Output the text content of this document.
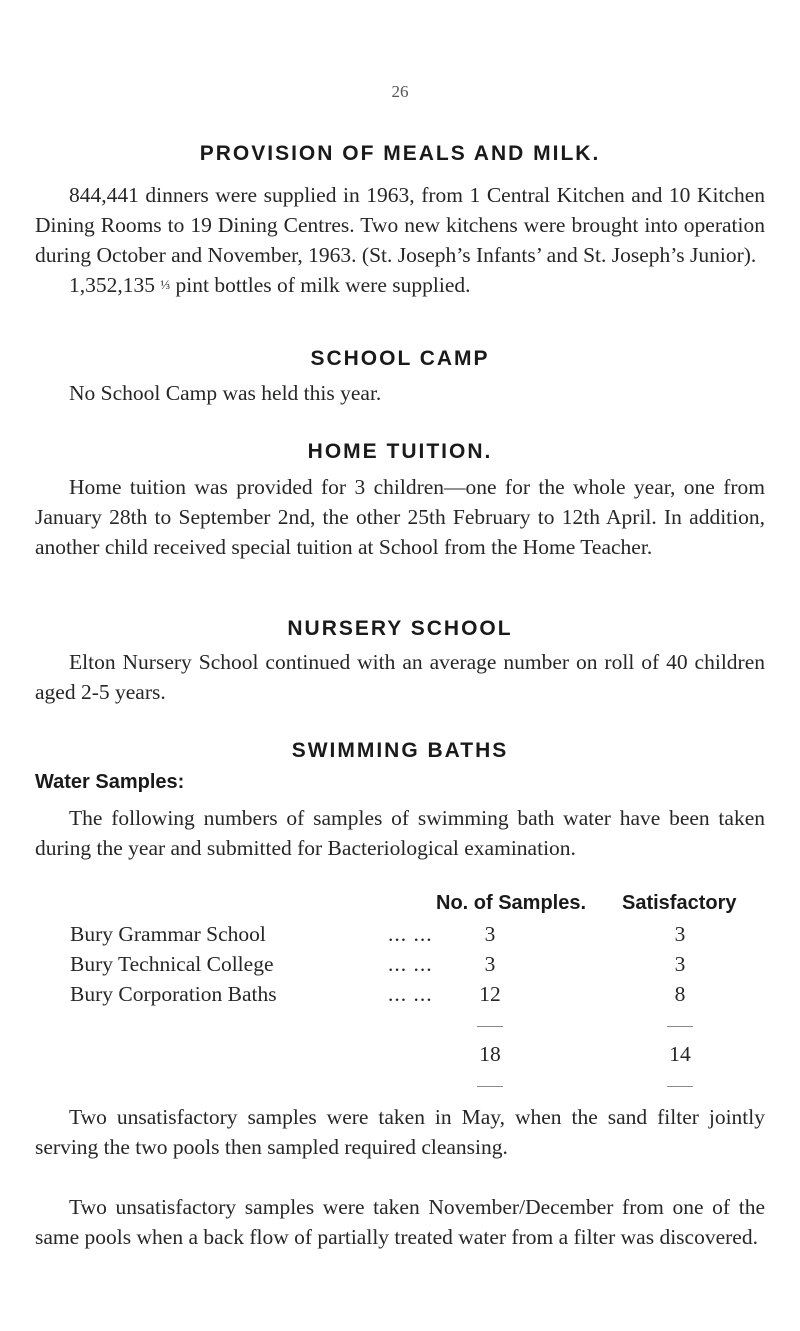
26
PROVISION OF MEALS AND MILK.

844,441 dinners were supplied in 1963, from 1 Central Kitchen and 10 Kitchen Dining Rooms to 19 Dining Centres. Two new kitchens were brought into operation during October and November, 1963. (St. Joseph’s Infants’ and St. Joseph’s Junior).

1,352,135 ⅓ pint bottles of milk were supplied.

SCHOOL CAMP

No School Camp was held this year.

HOME TUITION.

Home tuition was provided for 3 children—one for the whole year, one from January 28th to September 2nd, the other 25th February to 12th April. In addition, another child received special tuition at School from the Home Teacher.

NURSERY SCHOOL

Elton Nursery School continued with an average number on roll of 40 children aged 2-5 years.

SWIMMING BATHS
Water Samples:

The following numbers of samples of swimming bath water have been taken during the year and submitted for Bacteriological examination.

No. of Samples. Satisfactory
Bury Grammar School	... ...	3	3
Bury Technical College	... ...	3	3
Bury Corporation Baths	... ...	12	8
18	14

Two unsatisfactory samples were taken in May, when the sand filter jointly serving the two pools then sampled required cleansing.

Two unsatisfactory samples were taken November/December from one of the same pools when a back flow of partially treated water from a filter was discovered.
